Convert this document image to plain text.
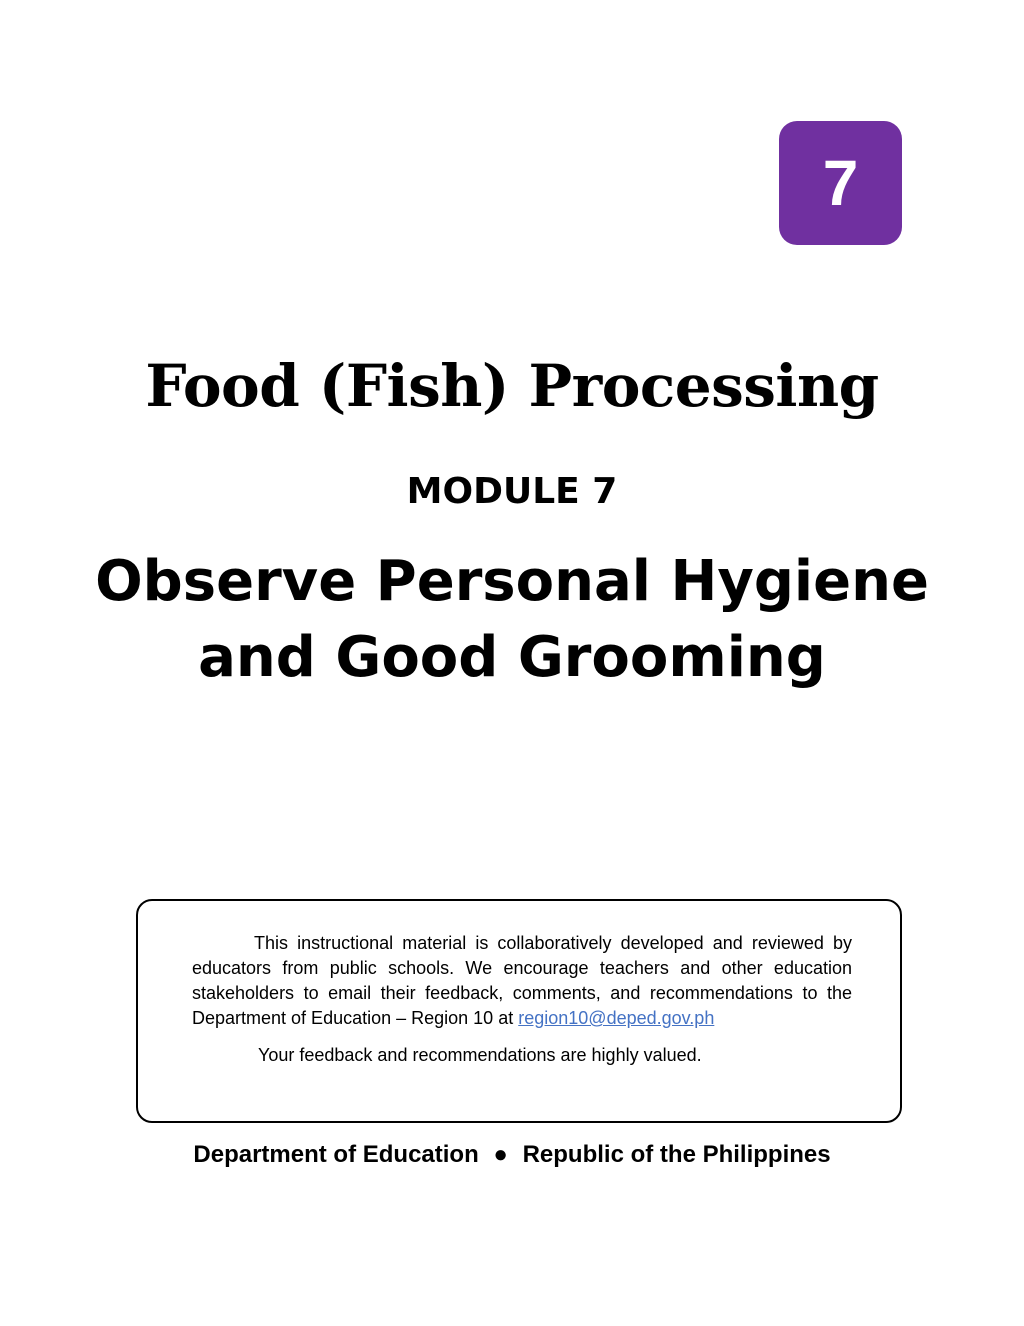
7
Food (Fish) Processing
MODULE 7
Observe Personal Hygiene
and Good Grooming

This instructional material is collaboratively developed and reviewed by educators from public schools. We encourage teachers and other education stakeholders to email their feedback, comments, and recommendations to the Department of Education – Region 10 at region10@deped.gov.ph

Your feedback and recommendations are highly valued.

Department of Education ● Republic of the Philippines
